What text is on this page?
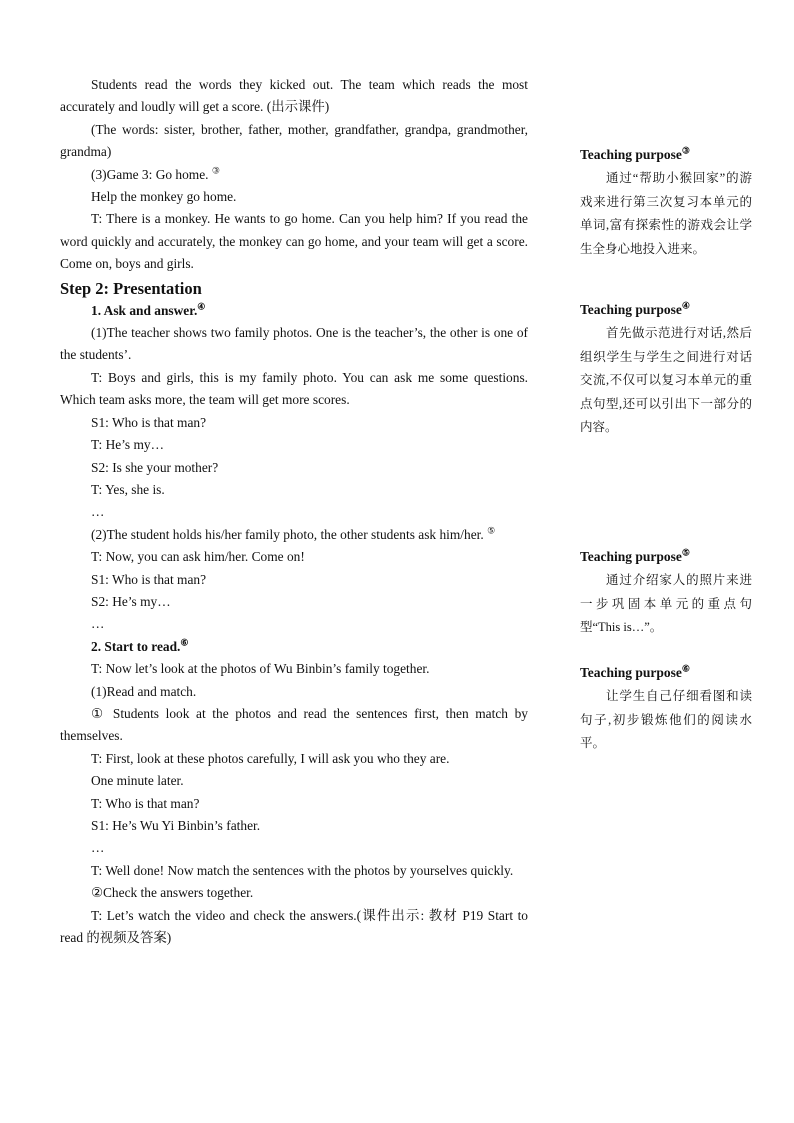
Students read the words they kicked out. The team which reads the most accurately and loudly will get a score. (出示课件)

(The words: sister, brother, father, mother, grandfather, grandpa, grandmother, grandma)

(3)Game 3: Go home. ③

Help the monkey go home.

T: There is a monkey. He wants to go home. Can you help him? If you read the word quickly and accurately, the monkey can go home, and your team will get a score. Come on, boys and girls.

Step 2: Presentation

1. Ask and answer.④

(1)The teacher shows two family photos. One is the teacher’s, the other is one of the students’.

T: Boys and girls, this is my family photo. You can ask me some questions. Which team asks more, the team will get more scores.

S1: Who is that man?

T: He’s my…

S2: Is she your mother?

T: Yes, she is.

…

(2)The student holds his/her family photo, the other students ask him/her. ⑤

T: Now, you can ask him/her. Come on!

S1: Who is that man?

S2: He’s my…

…

2. Start to read.⑥

T: Now let’s look at the photos of Wu Binbin’s family together.

(1)Read and match.

① Students look at the photos and read the sentences first, then match by themselves.

T: First, look at these photos carefully, I will ask you who they are.

One minute later.

T: Who is that man?

S1: He’s Wu Yi Binbin’s father.

…

T: Well done! Now match the sentences with the photos by yourselves quickly.

②Check the answers together.

T: Let’s watch the video and check the answers.(课件出示: 教材 P19 Start to read 的视频及答案)

Teaching purpose③

通过“帮助小猴回家”的游戏来进行第三次复习本单元的单词,富有探索性的游戏会让学生全身心地投入进来。

Teaching purpose④

首先做示范进行对话,然后组织学生与学生之间进行对话交流,不仅可以复习本单元的重点句型,还可以引出下一部分的内容。

Teaching purpose⑤

通过介绍家人的照片来进一步巩固本单元的重点句型“This is…”。

Teaching purpose⑥

让学生自己仔细看图和读句子,初步锻炼他们的阅读水平。
